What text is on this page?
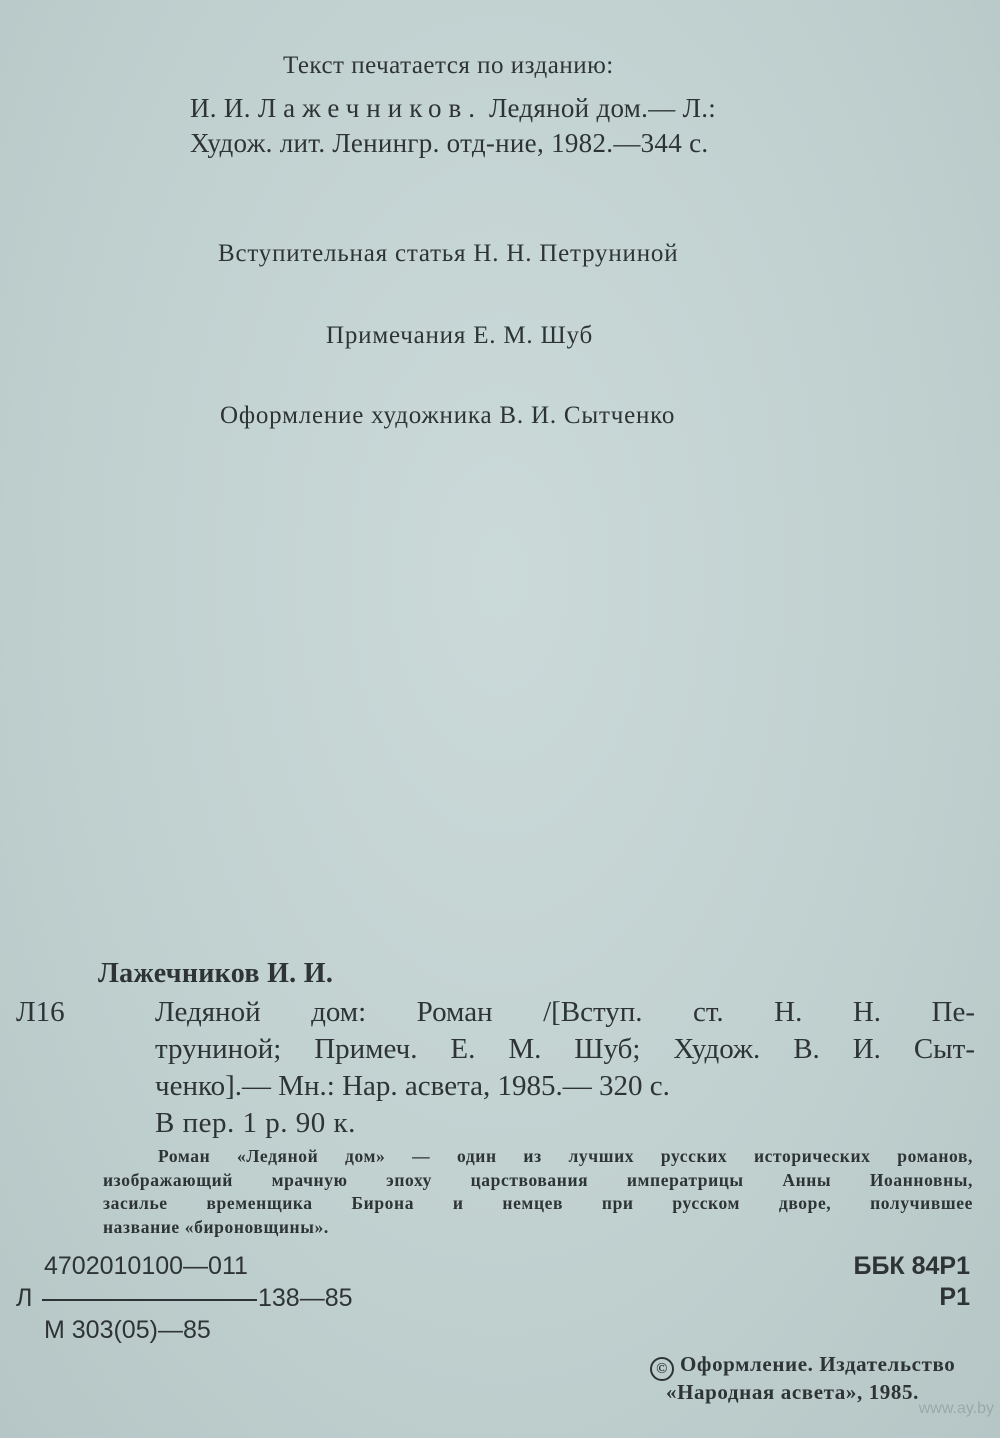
Текст печатается по изданию:
И. И. Лажечников. Ледяной дом.— Л.:
Худож. лит. Ленингр. отд-ние, 1982.—344 с.
Вступительная статья Н. Н. Петруниной
Примечания Е. М. Шуб
Оформление художника В. И. Сытченко
Лажечников И. И.
Л16	Ледяной дом: Роман /[Вступ. ст. Н. Н. Пе-
труниной; Примеч. Е. М. Шуб; Худож. В. И. Сыт-
ченко].— Мн.: Нар. асвета, 1985.— 320 с.
В пер. 1 р. 90 к.
Роман «Ледяной дом» — один из лучших русских исторических романов,
изображающий мрачную эпоху царствования императрицы Анны Иоанновны,
засилье временщика Бирона и немцев при русском дворе, получившее
название «бироновщины».
4702010100—011
Л	138—85
М 303(05)—85
ББК 84Р1
Р1
© Оформление. Издательство
«Народная асвета», 1985.
www.ay.by
